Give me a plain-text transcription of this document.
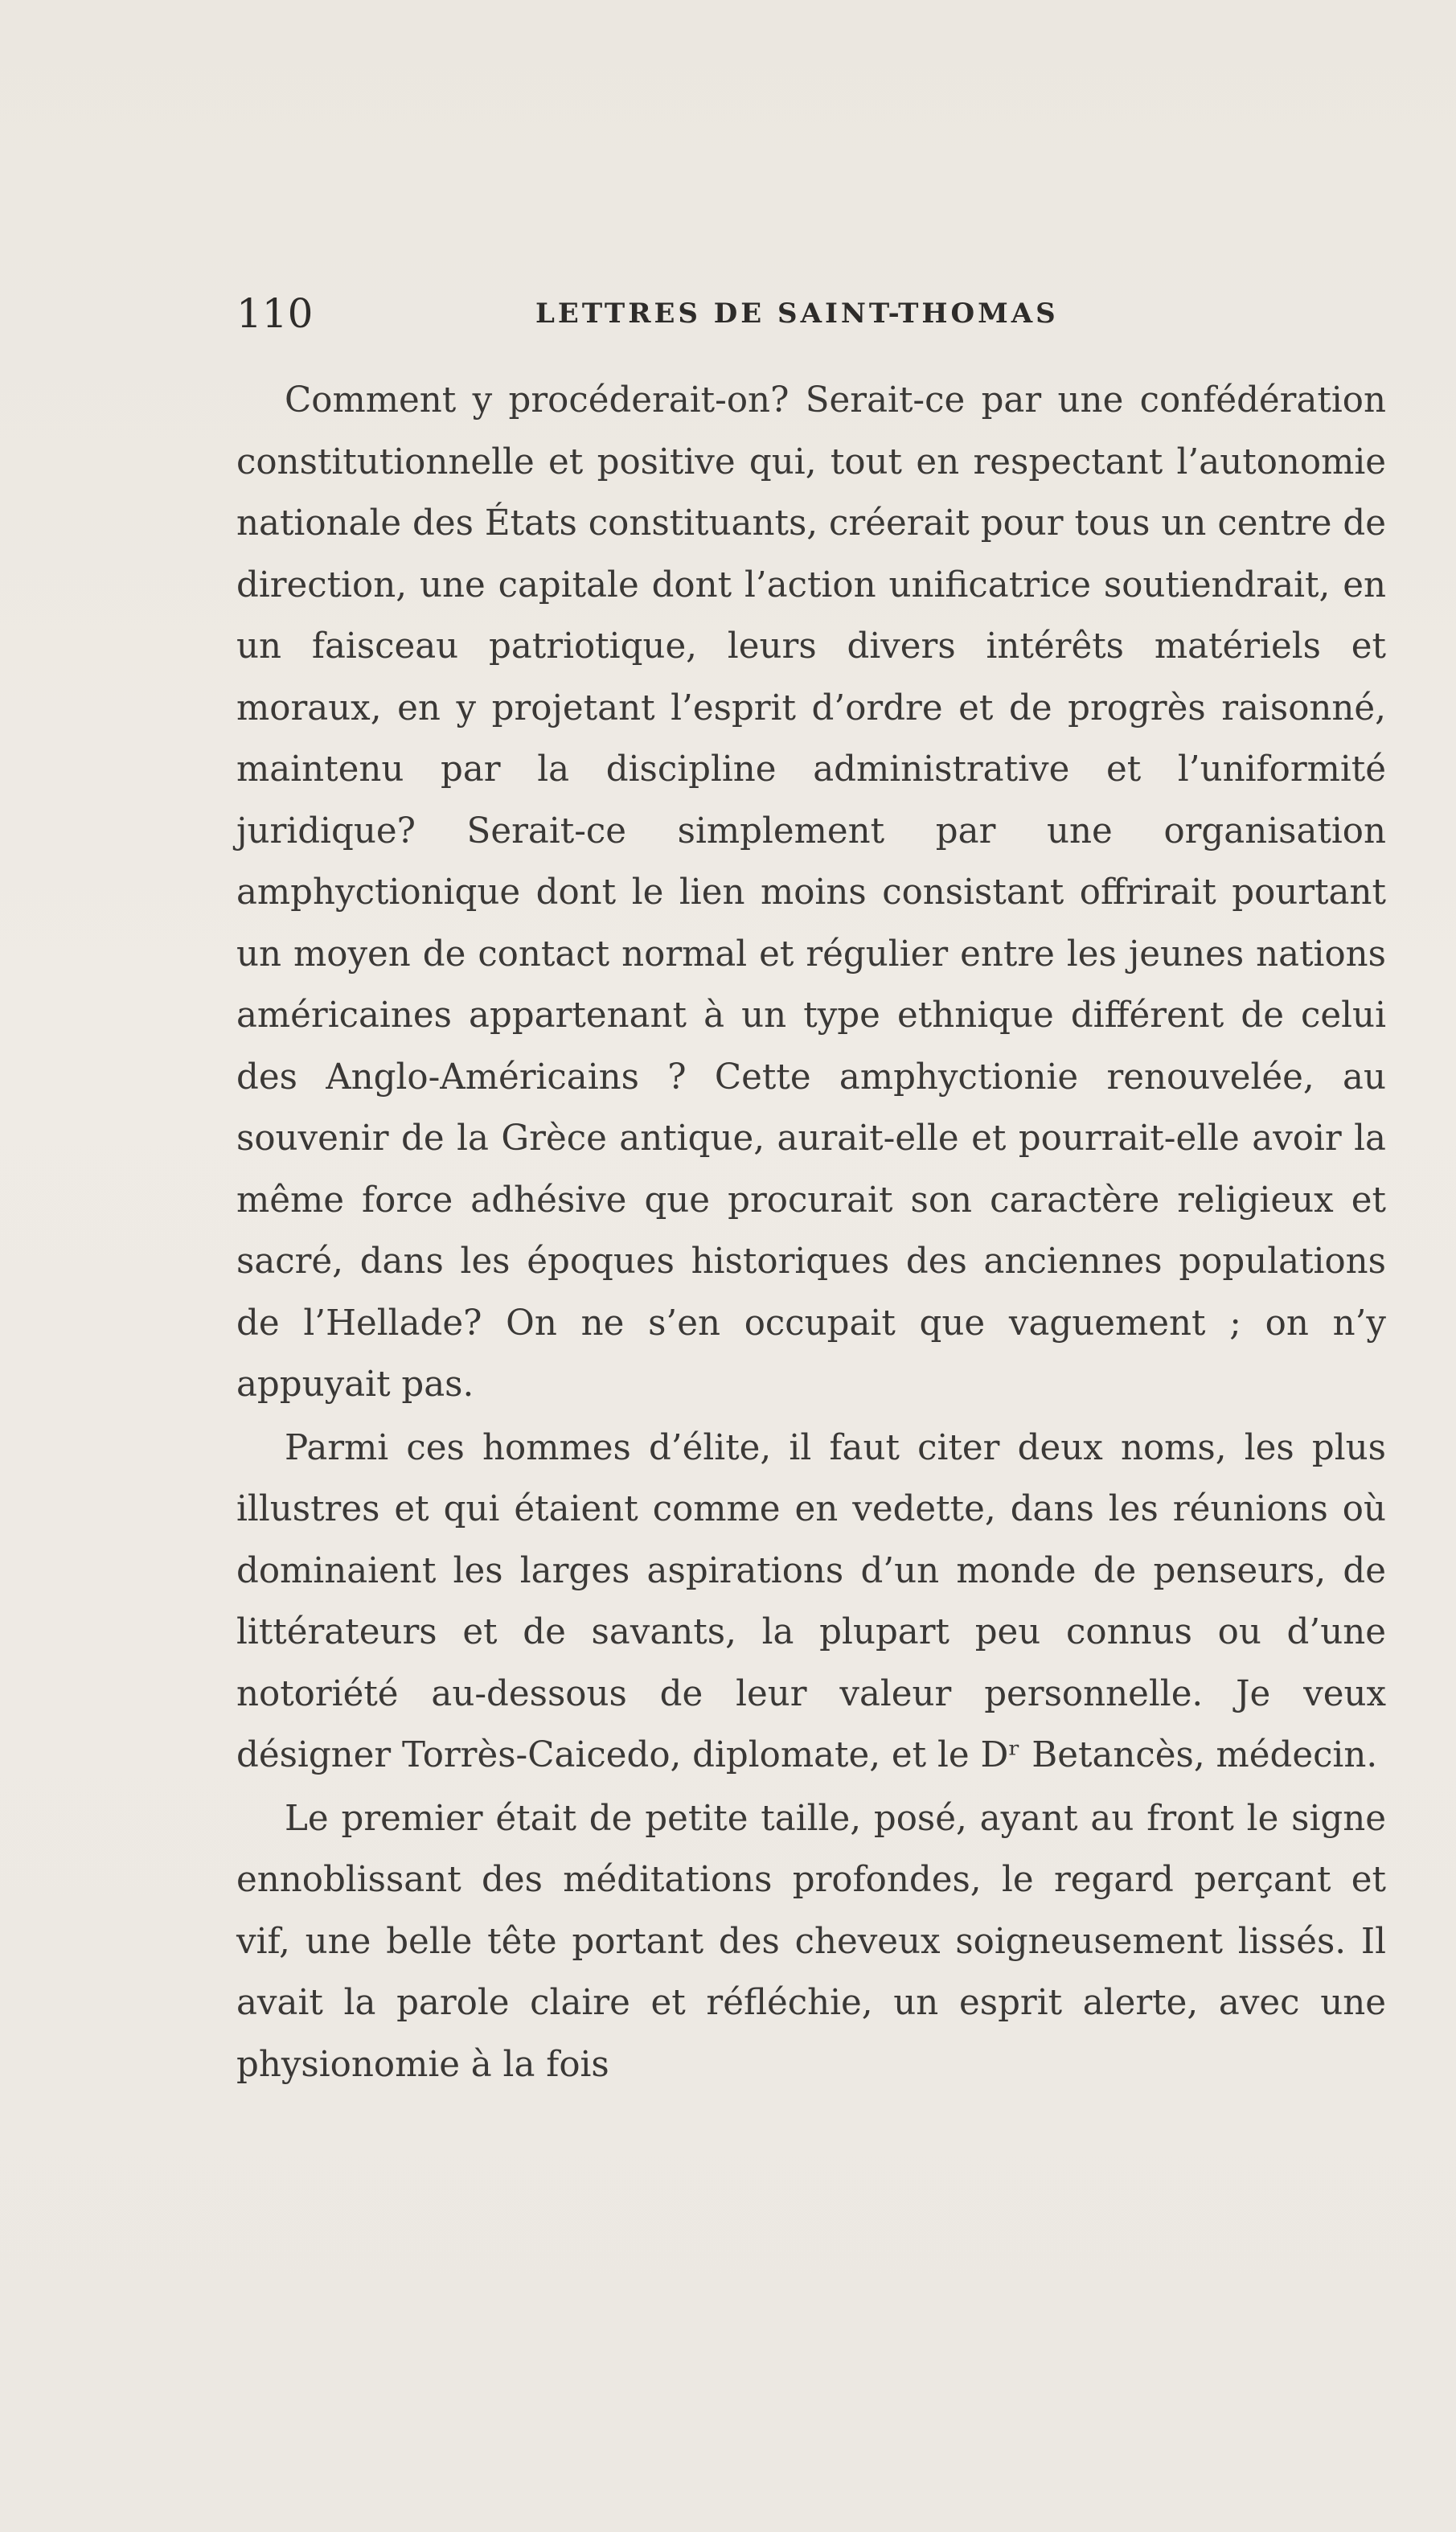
110	LETTRES DE SAINT-THOMAS

Comment y procéderait-on? Serait-ce par une confédération constitutionnelle et positive qui, tout en respectant l’autonomie nationale des États constituants, créerait pour tous un centre de direction, une capitale dont l’action unificatrice soutiendrait, en un faisceau patriotique, leurs divers intérêts matériels et moraux, en y projetant l’esprit d’ordre et de progrès raisonné, maintenu par la discipline administrative et l’uniformité juridique? Serait-ce simplement par une organisation amphyctionique dont le lien moins consistant offrirait pourtant un moyen de contact normal et régulier entre les jeunes nations américaines appartenant à un type ethnique différent de celui des Anglo-Américains ? Cette amphyctionie renouvelée, au souvenir de la Grèce antique, aurait-elle et pourrait-elle avoir la même force adhésive que procurait son caractère religieux et sacré, dans les époques historiques des anciennes populations de l’Hellade? On ne s’en occupait que vaguement ; on n’y appuyait pas.

Parmi ces hommes d’élite, il faut citer deux noms, les plus illustres et qui étaient comme en vedette, dans les réunions où dominaient les larges aspirations d’un monde de penseurs, de littérateurs et de savants, la plupart peu connus ou d’une notoriété au-dessous de leur valeur personnelle. Je veux désigner Torrès-Caicedo, diplomate, et le Dʳ Betancès, médecin.

Le premier était de petite taille, posé, ayant au front le signe ennoblissant des méditations profondes, le regard perçant et vif, une belle tête portant des cheveux soigneusement lissés. Il avait la parole claire et réfléchie, un esprit alerte, avec une physionomie à la fois
